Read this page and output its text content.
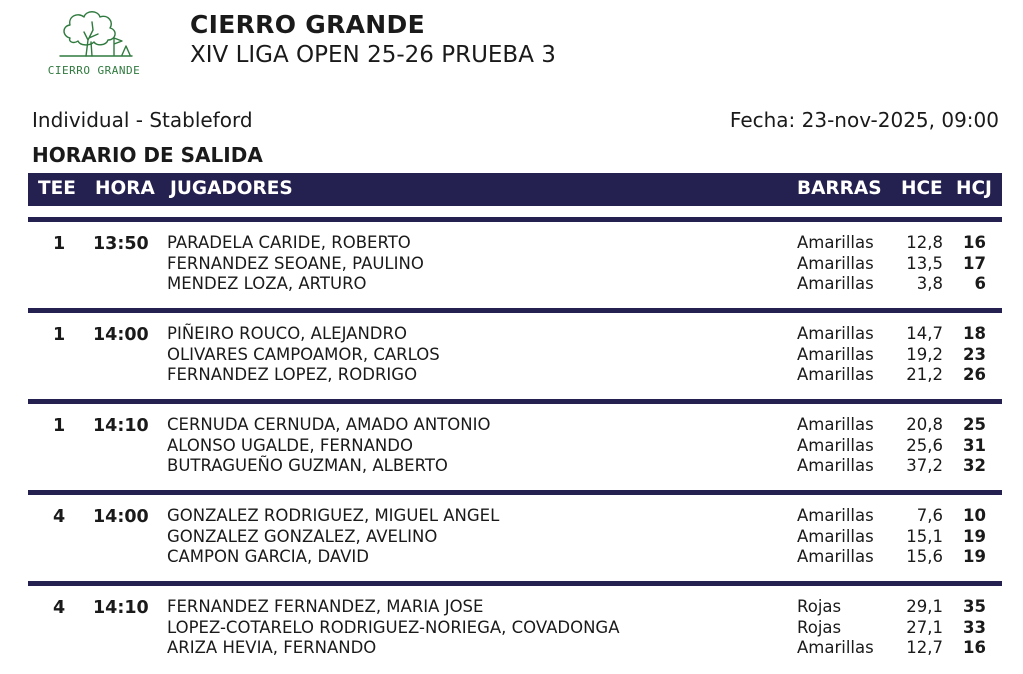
CIERRO GRANDE
CIERRO GRANDE
XIV LIGA OPEN 25-26 PRUEBA 3
Individual - Stableford	Fecha: 23-nov-2025, 09:00
HORARIO DE SALIDA
TEE HORA JUGADORES	BARRAS HCE HCJ
1 13:50 PARADELA CARIDE, ROBERTO	Amarillas 12,8 16
FERNANDEZ SEOANE, PAULINO	Amarillas 13,5 17
MENDEZ LOZA, ARTURO	Amarillas	3,8 6
1 14:00 PIÑEIRO ROUCO, ALEJANDRO	Amarillas 14,7 18
OLIVARES CAMPOAMOR, CARLOS	Amarillas 19,2 23
FERNANDEZ LOPEZ, RODRIGO	Amarillas 21,2 26
1 14:10 CERNUDA CERNUDA, AMADO ANTONIO	Amarillas 20,8 25
ALONSO UGALDE, FERNANDO	Amarillas 25,6 31
BUTRAGUEÑO GUZMAN, ALBERTO	Amarillas 37,2 32
4 14:00 GONZALEZ RODRIGUEZ, MIGUEL ANGEL	Amarillas	7,6 10
GONZALEZ GONZALEZ, AVELINO	Amarillas 15,1 19
CAMPON GARCIA, DAVID	Amarillas 15,6 19
4 14:10 FERNANDEZ FERNANDEZ, MARIA JOSE	Rojas	29,1 35
LOPEZ-COTARELO RODRIGUEZ-NORIEGA, COVADONGA	Rojas	27,1 33
ARIZA HEVIA, FERNANDO	Amarillas 12,7 16
